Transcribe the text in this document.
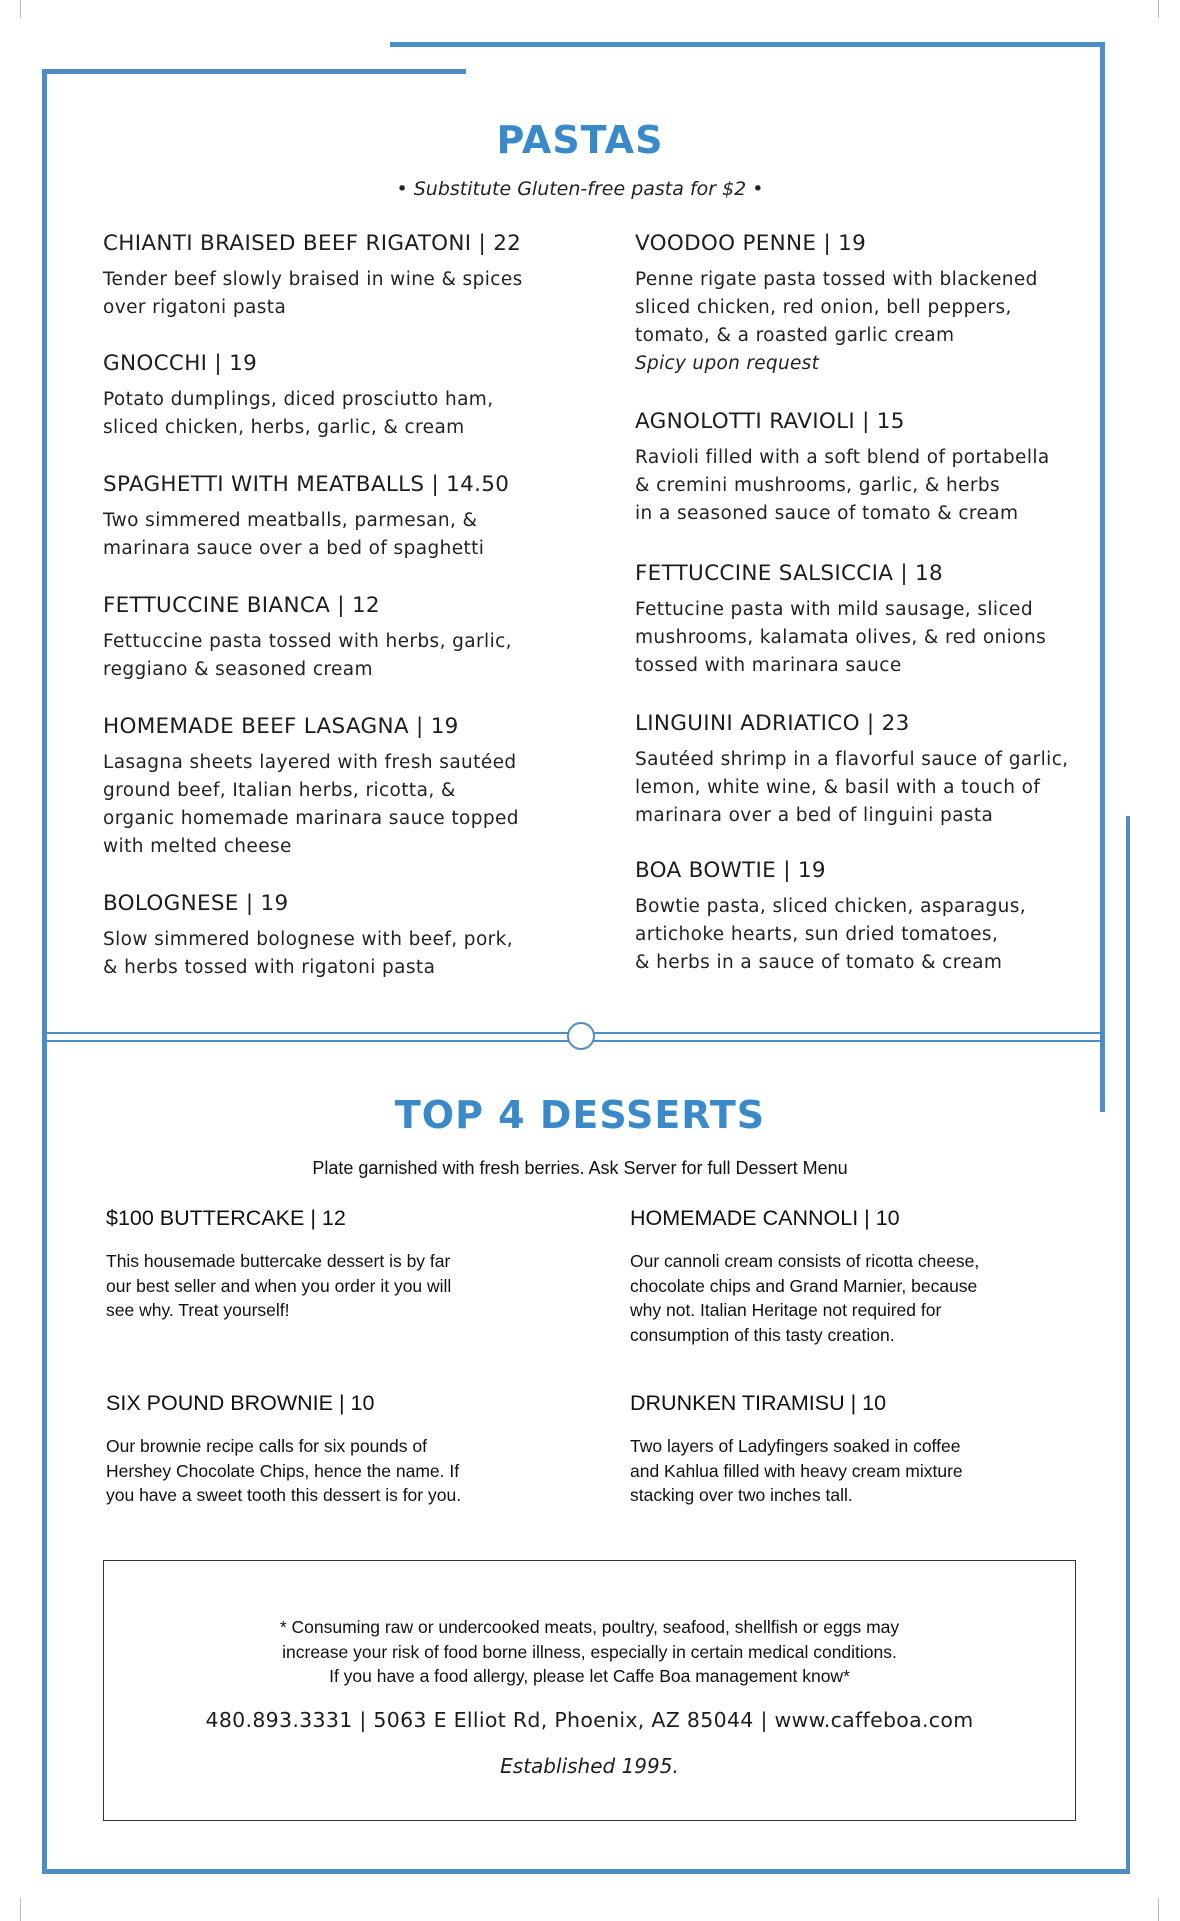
PASTAS
• Substitute Gluten-free pasta for $2 •
CHIANTI BRAISED BEEF RIGATONI | 22
Tender beef slowly braised in wine & spices
over rigatoni pasta
GNOCCHI | 19
Potato dumplings, diced prosciutto ham,
sliced chicken, herbs, garlic, & cream
SPAGHETTI WITH MEATBALLS | 14.50
Two simmered meatballs, parmesan, &
marinara sauce over a bed of spaghetti
FETTUCCINE BIANCA | 12
Fettuccine pasta tossed with herbs, garlic,
reggiano & seasoned cream
HOMEMADE BEEF LASAGNA | 19
Lasagna sheets layered with fresh sautéed
ground beef, Italian herbs, ricotta, &
organic homemade marinara sauce topped
with melted cheese
BOLOGNESE | 19
Slow simmered bolognese with beef, pork,
& herbs tossed with rigatoni pasta
VOODOO PENNE | 19
Penne rigate pasta tossed with blackened
sliced chicken, red onion, bell peppers,
tomato, & a roasted garlic cream
Spicy upon request
AGNOLOTTI RAVIOLI | 15
Ravioli filled with a soft blend of portabella
& cremini mushrooms, garlic, & herbs
in a seasoned sauce of tomato & cream
FETTUCCINE SALSICCIA | 18
Fettucine pasta with mild sausage, sliced
mushrooms, kalamata olives, & red onions
tossed with marinara sauce
LINGUINI ADRIATICO | 23
Sautéed shrimp in a flavorful sauce of garlic,
lemon, white wine, & basil with a touch of
marinara over a bed of linguini pasta
BOA BOWTIE | 19
Bowtie pasta, sliced chicken, asparagus,
artichoke hearts, sun dried tomatoes,
& herbs in a sauce of tomato & cream
TOP 4 DESSERTS
Plate garnished with fresh berries. Ask Server for full Dessert Menu
$100 BUTTERCAKE | 12
This housemade buttercake dessert is by far
our best seller and when you order it you will
see why. Treat yourself!
HOMEMADE CANNOLI | 10
Our cannoli cream consists of ricotta cheese,
chocolate chips and Grand Marnier, because
why not. Italian Heritage not required for
consumption of this tasty creation.
SIX POUND BROWNIE | 10
Our brownie recipe calls for six pounds of
Hershey Chocolate Chips, hence the name. If
you have a sweet tooth this dessert is for you.
DRUNKEN TIRAMISU | 10
Two layers of Ladyfingers soaked in coffee
and Kahlua filled with heavy cream mixture
stacking over two inches tall.
* Consuming raw or undercooked meats, poultry, seafood, shellfish or eggs may
increase your risk of food borne illness, especially in certain medical conditions.
If you have a food allergy, please let Caffe Boa management know*
480.893.3331 | 5063 E Elliot Rd, Phoenix, AZ 85044 | www.caffeboa.com
Established 1995.
